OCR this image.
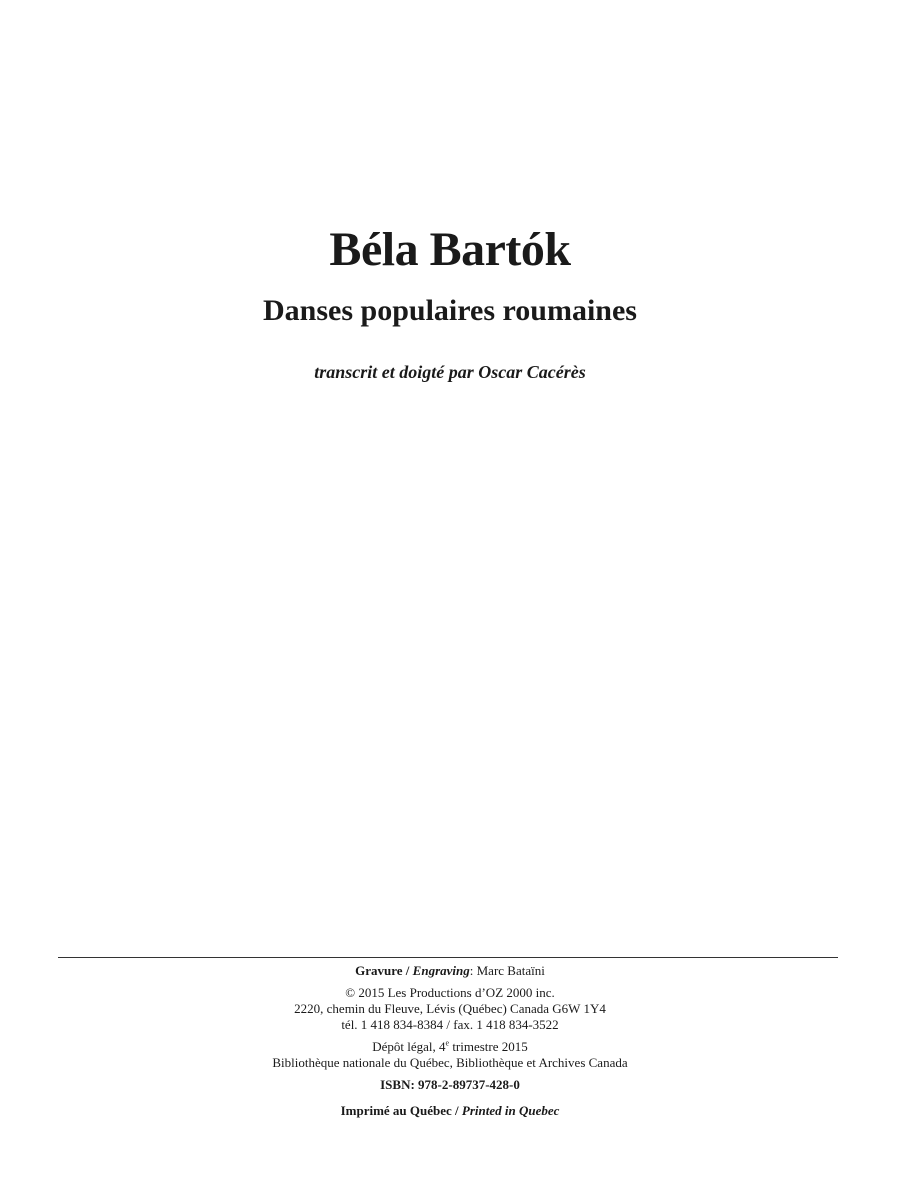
Béla Bartók
Danses populaires roumaines
transcrit et doigté par Oscar Cacérès

Gravure / Engraving: Marc Bataïni

© 2015 Les Productions d’OZ 2000 inc.

2220, chemin du Fleuve, Lévis (Québec) Canada G6W 1Y4

tél. 1 418 834-8384 / fax. 1 418 834-3522

Dépôt légal, 4e trimestre 2015

Bibliothèque nationale du Québec, Bibliothèque et Archives Canada

ISBN: 978-2-89737-428-0

Imprimé au Québec / Printed in Quebec
